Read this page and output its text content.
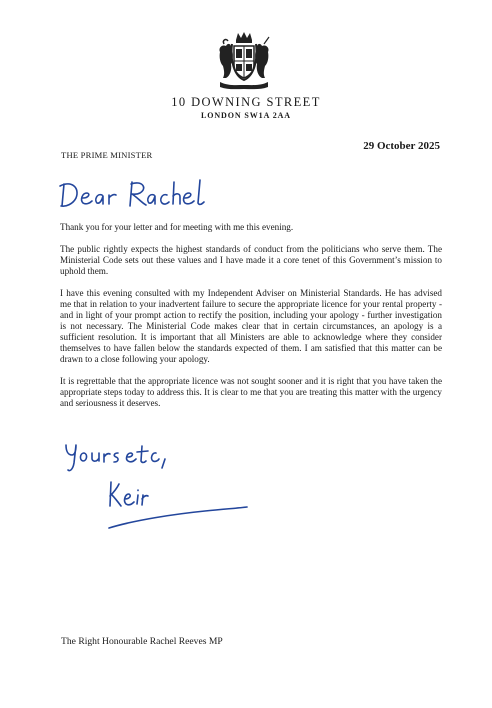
10 DOWNING STREET
LONDON SW1A 2AA
29 October 2025
THE PRIME MINISTER

Thank you for your letter and for meeting with me this evening.

The public rightly expects the highest standards of conduct from the politicians who serve them. The Ministerial Code sets out these values and I have made it a core tenet of this Government’s mission to uphold them.

I have this evening consulted with my Independent Adviser on Ministerial Standards. He has advised me that in relation to your inadvertent failure to secure the appropriate licence for your rental property - and in light of your prompt action to rectify the position, including your apology - further investigation is not necessary. The Ministerial Code makes clear that in certain circumstances, an apology is a sufficient resolution. It is important that all Ministers are able to acknowledge where they consider themselves to have fallen below the standards expected of them. I am satisfied that this matter can be drawn to a close following your apology.

It is regrettable that the appropriate licence was not sought sooner and it is right that you have taken the appropriate steps today to address this. It is clear to me that you are treating this matter with the urgency and seriousness it deserves.

The Right Honourable Rachel Reeves MP
